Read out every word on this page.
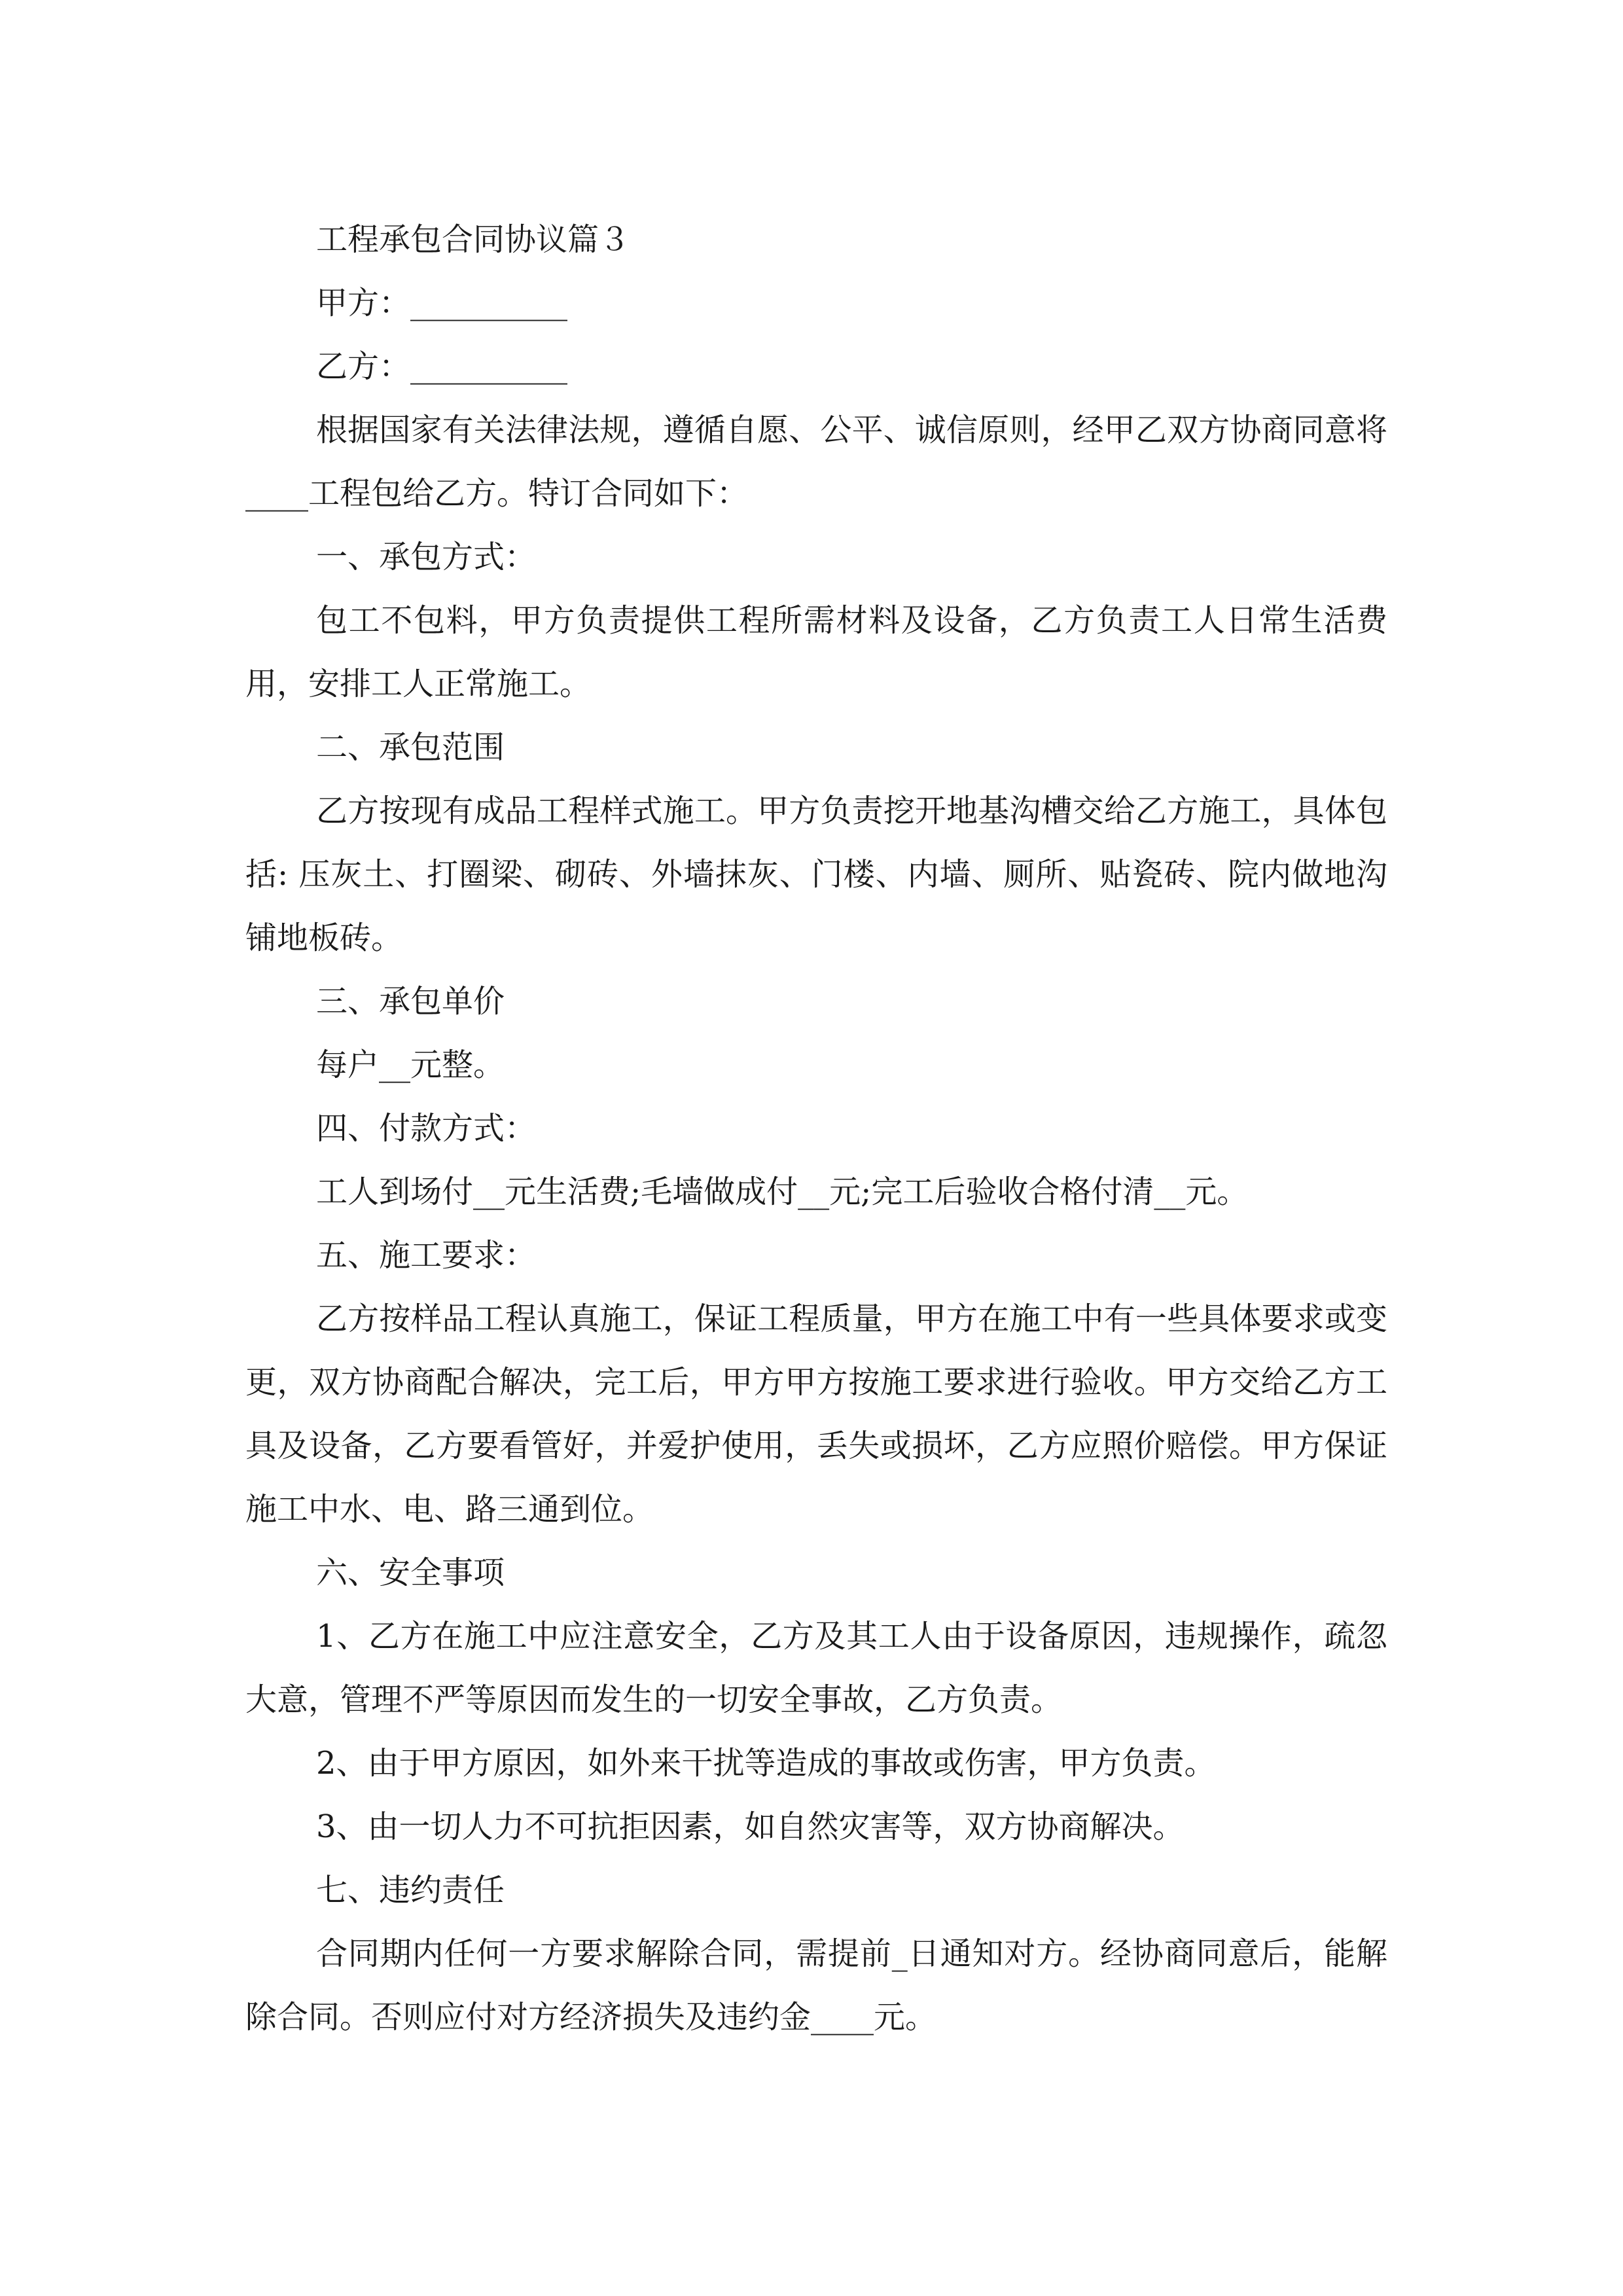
工程承包合同协议篇３

甲方：__________

乙方：__________

根据国家有关法律法规，遵循自愿、公平、诚信原则，经甲乙双方协商同意将____工程包给乙方。特订合同如下：

一、承包方式：

包工不包料，甲方负责提供工程所需材料及设备，乙方负责工人日常生活费用，安排工人正常施工。

二、承包范围

乙方按现有成品工程样式施工。甲方负责挖开地基沟槽交给乙方施工，具体包括: 压灰土、打圈梁、砌砖、外墙抹灰、门楼、内墙、厕所、贴瓷砖、院内做地沟铺地板砖。

三、承包单价

每户__元整。

四、付款方式：

工人到场付__元生活费;毛墙做成付__元;完工后验收合格付清__元。

五、施工要求：

乙方按样品工程认真施工，保证工程质量，甲方在施工中有一些具体要求或变更，双方协商配合解决，完工后，甲方甲方按施工要求进行验收。甲方交给乙方工具及设备，乙方要看管好，并爱护使用，丢失或损坏，乙方应照价赔偿。甲方保证施工中水、电、路三通到位。

六、安全事项

1、乙方在施工中应注意安全，乙方及其工人由于设备原因，违规操作，疏忽大意，管理不严等原因而发生的一切安全事故，乙方负责。

2、由于甲方原因，如外来干扰等造成的事故或伤害，甲方负责。

3、由一切人力不可抗拒因素，如自然灾害等，双方协商解决。

七、违约责任

合同期内任何一方要求解除合同，需提前_日通知对方。经协商同意后，能解除合同。否则应付对方经济损失及违约金____元。
